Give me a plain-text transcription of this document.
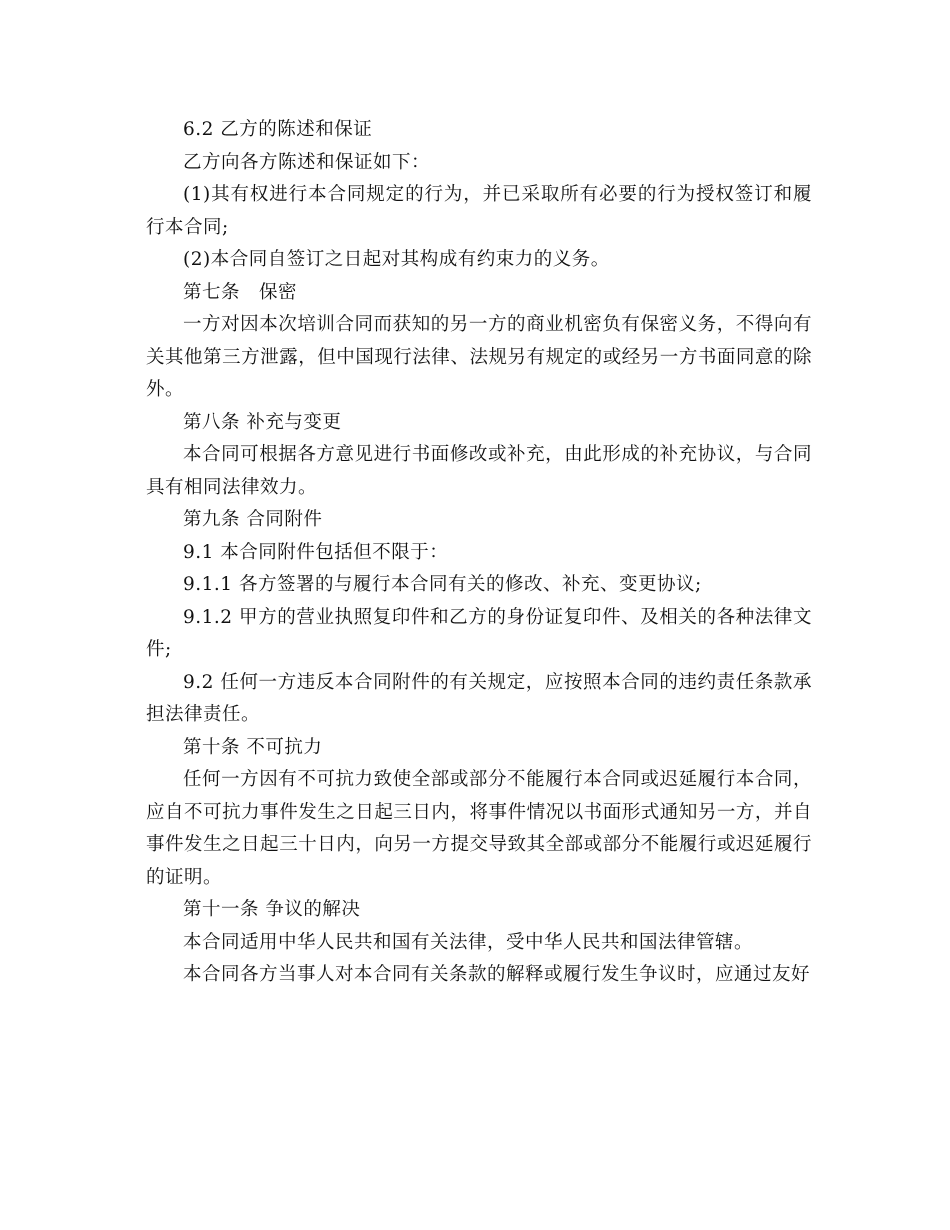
6.2 乙方的陈述和保证

乙方向各方陈述和保证如下：

(1)其有权进行本合同规定的行为，并已采取所有必要的行为授权签订和履行本合同;

(2)本合同自签订之日起对其构成有约束力的义务。

第七条　保密

一方对因本次培训合同而获知的另一方的商业机密负有保密义务，不得向有关其他第三方泄露，但中国现行法律、法规另有规定的或经另一方书面同意的除外。

第八条 补充与变更

本合同可根据各方意见进行书面修改或补充，由此形成的补充协议，与合同具有相同法律效力。

第九条 合同附件

9.1 本合同附件包括但不限于：

9.1.1 各方签署的与履行本合同有关的修改、补充、变更协议;

9.1.2 甲方的营业执照复印件和乙方的身份证复印件、及相关的各种法律文件;

9.2 任何一方违反本合同附件的有关规定，应按照本合同的违约责任条款承担法律责任。

第十条 不可抗力

任何一方因有不可抗力致使全部或部分不能履行本合同或迟延履行本合同，应自不可抗力事件发生之日起三日内，将事件情况以书面形式通知另一方，并自事件发生之日起三十日内，向另一方提交导致其全部或部分不能履行或迟延履行的证明。

第十一条 争议的解决

本合同适用中华人民共和国有关法律，受中华人民共和国法律管辖。

本合同各方当事人对本合同有关条款的解释或履行发生争议时，应通过友好
